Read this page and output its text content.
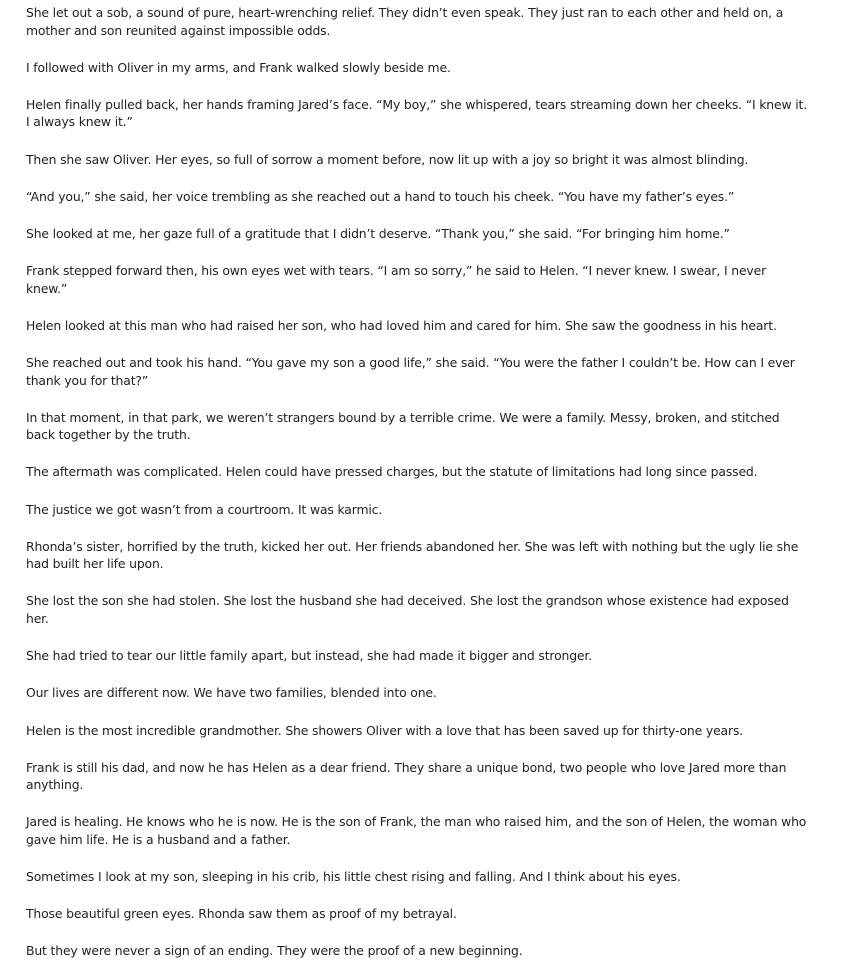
She let out a sob, a sound of pure, heart-wrenching relief. They didn’t even speak. They just ran to each other and held on, a mother and son reunited against impossible odds.

I followed with Oliver in my arms, and Frank walked slowly beside me.

Helen finally pulled back, her hands framing Jared’s face. “My boy,” she whispered, tears streaming down her cheeks. “I knew it. I always knew it.”

Then she saw Oliver. Her eyes, so full of sorrow a moment before, now lit up with a joy so bright it was almost blinding.

“And you,” she said, her voice trembling as she reached out a hand to touch his cheek. “You have my father’s eyes.”

She looked at me, her gaze full of a gratitude that I didn’t deserve. “Thank you,” she said. “For bringing him home.”

Frank stepped forward then, his own eyes wet with tears. “I am so sorry,” he said to Helen. “I never knew. I swear, I never knew.”

Helen looked at this man who had raised her son, who had loved him and cared for him. She saw the goodness in his heart.

She reached out and took his hand. “You gave my son a good life,” she said. “You were the father I couldn’t be. How can I ever thank you for that?”

In that moment, in that park, we weren’t strangers bound by a terrible crime. We were a family. Messy, broken, and stitched back together by the truth.

The aftermath was complicated. Helen could have pressed charges, but the statute of limitations had long since passed.

The justice we got wasn’t from a courtroom. It was karmic.

Rhonda’s sister, horrified by the truth, kicked her out. Her friends abandoned her. She was left with nothing but the ugly lie she had built her life upon.

She lost the son she had stolen. She lost the husband she had deceived. She lost the grandson whose existence had exposed her.

She had tried to tear our little family apart, but instead, she had made it bigger and stronger.

Our lives are different now. We have two families, blended into one.

Helen is the most incredible grandmother. She showers Oliver with a love that has been saved up for thirty-one years.

Frank is still his dad, and now he has Helen as a dear friend. They share a unique bond, two people who love Jared more than anything.

Jared is healing. He knows who he is now. He is the son of Frank, the man who raised him, and the son of Helen, the woman who gave him life. He is a husband and a father.

Sometimes I look at my son, sleeping in his crib, his little chest rising and falling. And I think about his eyes.

Those beautiful green eyes. Rhonda saw them as proof of my betrayal.

But they were never a sign of an ending. They were the proof of a new beginning.
